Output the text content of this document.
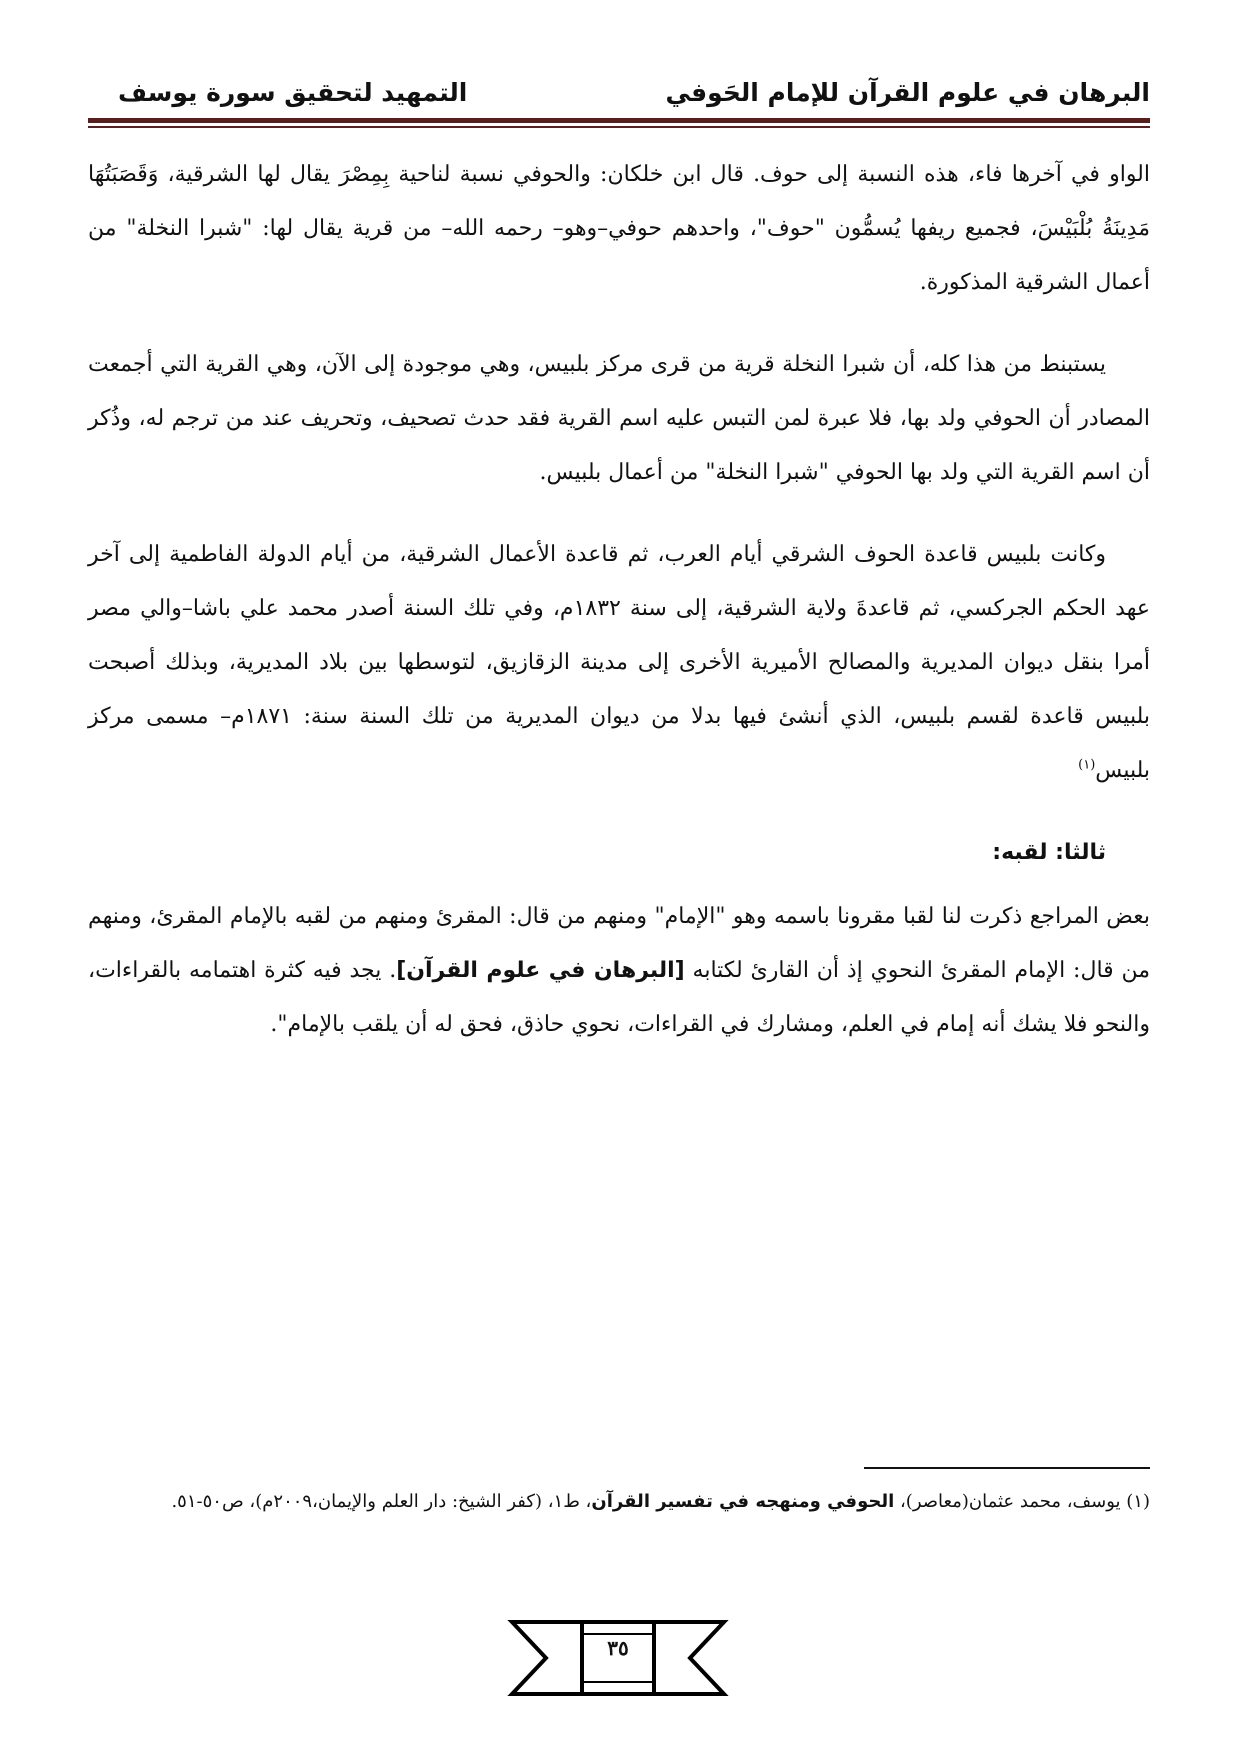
البرهان في علوم القرآن للإمام الحَوفي
التمهيد لتحقيق سورة يوسف

الواو في آخرها فاء، هذه النسبة إلى حوف. قال ابن خلكان: والحوفي نسبة لناحية بِمِصْرَ يقال لها الشرقية، وَقَصَبَتُهَا مَدِينَةُ بُلْبَيْسَ، فجميع ريفها يُسمُّون "حوف"، واحدهم حوفي–وهو– رحمه الله– من قرية يقال لها: "شبرا النخلة" من أعمال الشرقية المذكورة.

يستبنط من هذا كله، أن شبرا النخلة قرية من قرى مركز بلبيس، وهي موجودة إلى الآن، وهي القرية التي أجمعت المصادر أن الحوفي ولد بها، فلا عبرة لمن التبس عليه اسم القرية فقد حدث تصحيف، وتحريف عند من ترجم له، وذُكر أن اسم القرية التي ولد بها الحوفي "شبرا النخلة" من أعمال بلبيس.

وكانت بلبيس قاعدة الحوف الشرقي أيام العرب، ثم قاعدة الأعمال الشرقية، من أيام الدولة الفاطمية إلى آخر عهد الحكم الجركسي، ثم قاعدةَ ولاية الشرقية، إلى سنة ١٨٣٢م، وفي تلك السنة أصدر محمد علي باشا–والي مصر أمرا بنقل ديوان المديرية والمصالح الأميرية الأخرى إلى مدينة الزقازيق، لتوسطها بين بلاد المديرية، وبذلك أصبحت بلبيس قاعدة لقسم بلبيس، الذي أنشئ فيها بدلا من ديوان المديرية من تلك السنة سنة: ١٨٧١م– مسمى مركز بلبيس$^{(١)}$

ثالثا: لقبه:

بعض المراجع ذكرت لنا لقبا مقرونا باسمه وهو "الإمام" ومنهم من قال: المقرئ ومنهم من لقبه بالإمام المقرئ، ومنهم من قال: الإمام المقرئ النحوي إذ أن القارئ لكتابه [البرهان في علوم القرآن]. يجد فيه كثرة اهتمامه بالقراءات، والنحو فلا يشك أنه إمام في العلم، ومشارك في القراءات، نحوي حاذق، فحق له أن يلقب بالإمام".

(١) يوسف، محمد عثمان(معاصر)، الحوفي ومنهجه في تفسير القرآن، ط١، (كفر الشيخ: دار العلم والإيمان،٢٠٠٩م)، ص٥٠-٥١.
٣٥
